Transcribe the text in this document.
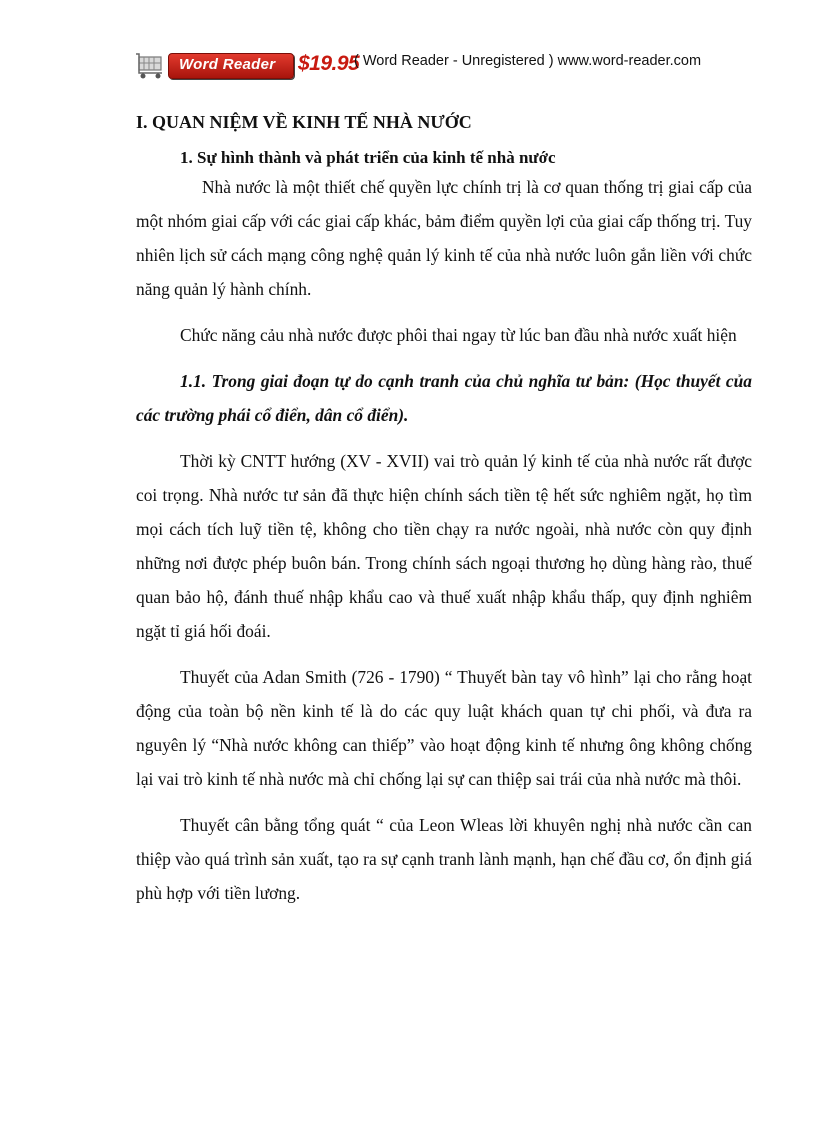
Word Reader $19.95
( Word Reader - Unregistered ) www.word-reader.com

I. QUAN NIỆM VỀ KINH TẾ NHÀ NƯỚC

1. Sự hình thành và phát triển của kinh tế nhà nước

Nhà nước là một thiết chế quyền lực chính trị là cơ quan thống trị giai cấp của một nhóm giai cấp với các giai cấp khác, bảm điểm quyền lợi của giai cấp thống trị. Tuy nhiên lịch sử cách mạng công nghệ quản lý kinh tế của nhà nước luôn gắn liền với chức năng quản lý hành chính.

Chức năng cảu nhà nước được phôi thai ngay từ lúc ban đầu nhà nước xuất hiện

1.1. Trong giai đoạn tự do cạnh tranh của chủ nghĩa tư bản: (Học thuyết của các trường phái cổ điển, dân cổ điển).

Thời kỳ CNTT hướng (XV - XVII) vai trò quản lý kinh tế của nhà nước rất được coi trọng. Nhà nước tư sản đã thực hiện chính sách tiền tệ hết sức nghiêm ngặt, họ tìm mọi cách tích luỹ tiền tệ, không cho tiền chạy ra nước ngoài, nhà nước còn quy định những nơi được phép buôn bán. Trong chính sách ngoại thương họ dùng hàng rào, thuế quan bảo hộ, đánh thuế nhập khẩu cao và thuế xuất nhập khẩu thấp, quy định nghiêm ngặt tỉ giá hối đoái.

Thuyết của Adan Smith (726 - 1790) “ Thuyết bàn tay vô hình” lại cho rằng hoạt động của toàn bộ nền kinh tế là do các quy luật khách quan tự chi phối, và đưa ra nguyên lý “Nhà nước không can thiếp” vào hoạt động kinh tế nhưng ông không chống lại vai trò kinh tế nhà nước mà chỉ chống lại sự can thiệp sai trái của nhà nước mà thôi.

Thuyết cân bằng tổng quát “ của Leon Wleas lời khuyên nghị nhà nước cần can thiệp vào quá trình sản xuất, tạo ra sự cạnh tranh lành mạnh, hạn chế đầu cơ, ổn định giá phù hợp với tiền lương.
